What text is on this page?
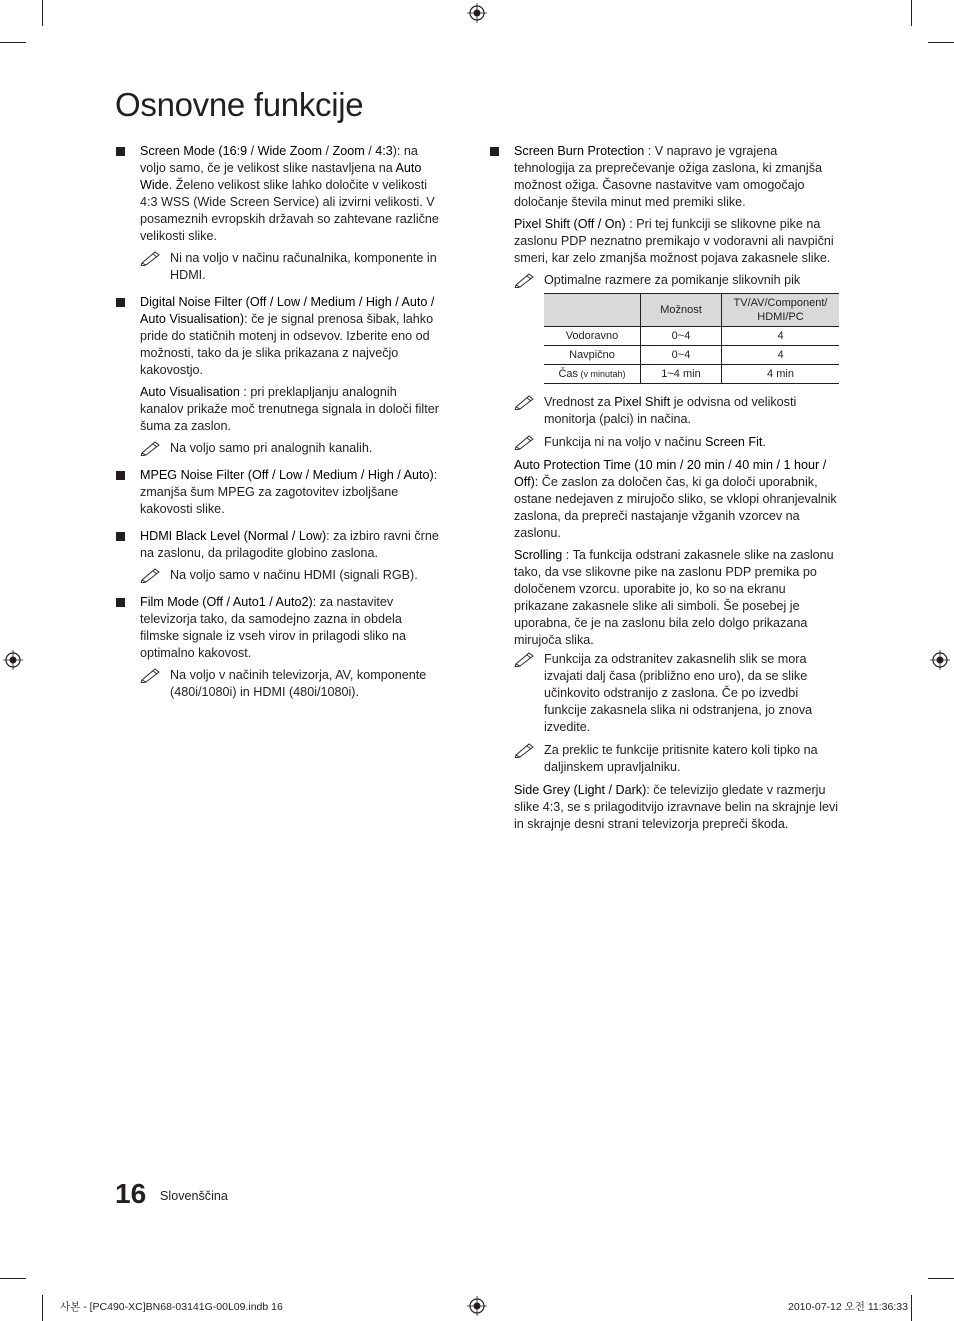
Osnovne funkcije
Screen Mode (16:9 / Wide Zoom / Zoom / 4:3): na voljo samo, če je velikost slike nastavljena na Auto Wide. Želeno velikost slike lahko določite v velikosti 4:3 WSS (Wide Screen Service) ali izvirni velikosti. V posameznih evropskih državah so zahtevane različne velikosti slike.
Ni na voljo v načinu računalnika, komponente in HDMI.
Digital Noise Filter (Off / Low / Medium / High / Auto / Auto Visualisation): če je signal prenosa šibak, lahko pride do statičnih motenj in odsevov. Izberite eno od možnosti, tako da je slika prikazana z največjo kakovostjo.

Auto Visualisation : pri preklapljanju analognih kanalov prikaže moč trenutnega signala in določi filter šuma za zaslon.

Na voljo samo pri analognih kanalih.
MPEG Noise Filter (Off / Low / Medium / High / Auto): zmanjša šum MPEG za zagotovitev izboljšane kakovosti slike.
HDMI Black Level (Normal / Low): za izbiro ravni črne na zaslonu, da prilagodite globino zaslona.
Na voljo samo v načinu HDMI (signali RGB).
Film Mode (Off / Auto1 / Auto2): za nastavitev televizorja tako, da samodejno zazna in obdela filmske signale iz vseh virov in prilagodi sliko na optimalno kakovost.
Na voljo v načinih televizorja, AV, komponente (480i/1080i) in HDMI (480i/1080i).
Screen Burn Protection : V napravo je vgrajena tehnologija za preprečevanje ožiga zaslona, ki zmanjša možnost ožiga. Časovne nastavitve vam omogočajo določanje števila minut med premiki slike.

Pixel Shift (Off / On) : Pri tej funkciji se slikovne pike na zaslonu PDP neznatno premikajo v vodoravni ali navpični smeri, kar zelo zmanjša možnost pojava zakasnele slike.

Optimalne razmere za pomikanje slikovnih pik
	Možnost	TV/AV/Component/ HDMI/PC
Vodoravno	0~4	4
Navpično	0~4	4
Čas (v minutah)	1~4 min	4 min
Vrednost za Pixel Shift je odvisna od velikosti monitorja (palci) in načina.
Funkcija ni na voljo v načinu Screen Fit.

Auto Protection Time (10 min / 20 min / 40 min / 1 hour / Off): Če zaslon za določen čas, ki ga določi uporabnik, ostane nedejaven z mirujočo sliko, se vklopi ohranjevalnik zaslona, da prepreči nastajanje vžganih vzorcev na zaslonu.

Scrolling : Ta funkcija odstrani zakasnele slike na zaslonu tako, da vse slikovne pike na zaslonu PDP premika po določenem vzorcu. uporabite jo, ko so na ekranu prikazane zakasnele slike ali simboli. Še posebej je uporabna, če je na zaslonu bila zelo dolgo prikazana mirujoča slika.

Funkcija za odstranitev zakasnelih slik se mora izvajati dalj časa (približno eno uro), da se slike učinkovito odstranijo z zaslona. Če po izvedbi funkcije zakasnela slika ni odstranjena, jo znova izvedite.
Za preklic te funkcije pritisnite katero koli tipko na daljinskem upravljalniku.

Side Grey (Light / Dark): če televizijo gledate v razmerju slike 4:3, se s prilagoditvijo izravnave belin na skrajnje levi in skrajnje desni strani televizorja prepreči škoda.

16 Slovenščina
사본 - [PC490-XC]BN68-03141G-00L09.indb 16	2010-07-12 오전 11:36:33
